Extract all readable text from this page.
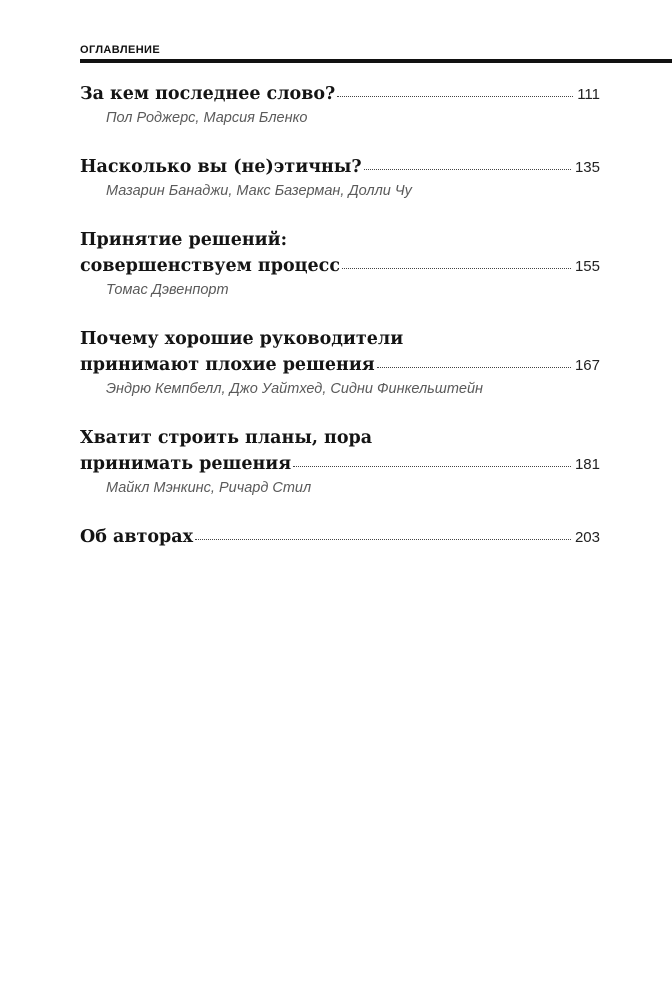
ОГЛАВЛЕНИЕ
За кем последнее слово?	111
Пол Роджерс, Марсия Бленко
Насколько вы (не)этичны?	135
Мазарин Банаджи, Макс Базерман, Долли Чу
Принятие решений:
совершенствуем процесс	155
Томас Дэвенпорт
Почему хорошие руководители
принимают плохие решения	167
Эндрю Кемпбелл, Джо Уайтхед, Сидни Финкельштейн
Хватит строить планы, пора
принимать решения	181
Майкл Мэнкинс, Ричард Стил
Об авторах	203
